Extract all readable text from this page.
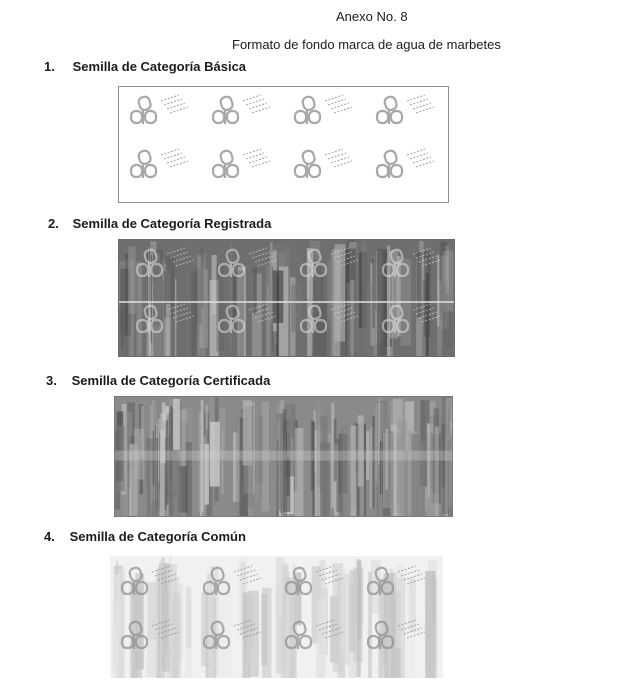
Anexo No. 8
Formato de fondo marca de agua de marbetes
1. Semilla de Categoría Básica
2. Semilla de Categoría Registrada
3. Semilla de Categoría Certificada
4. Semilla de Categoría Común
